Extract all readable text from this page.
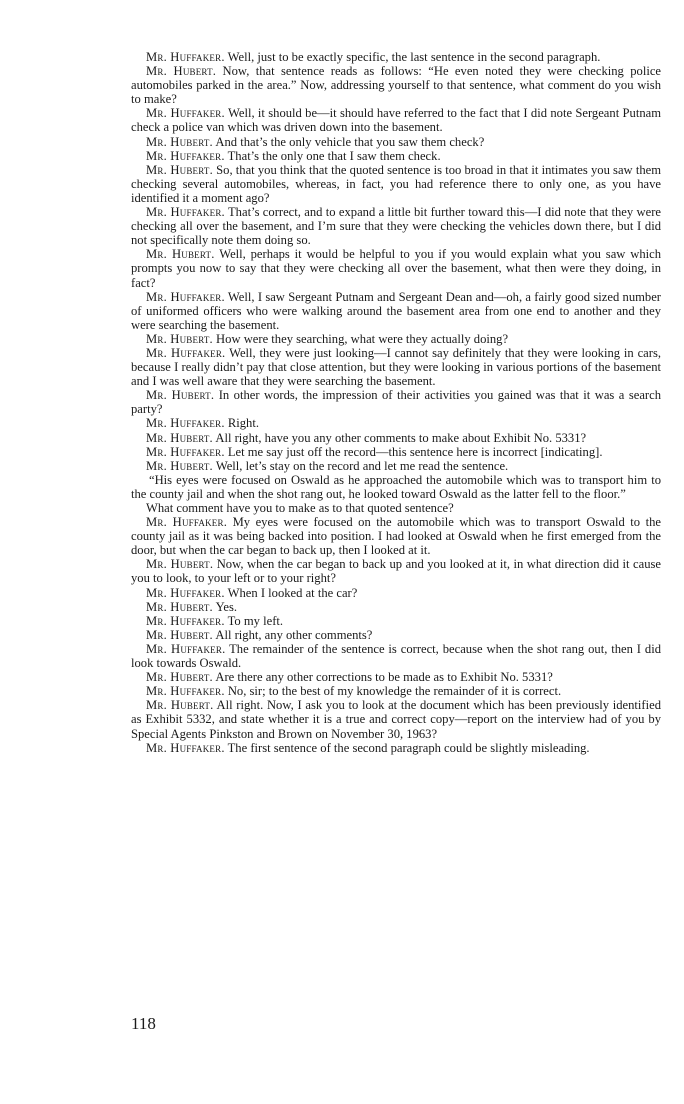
Mr. Huffaker. Well, just to be exactly specific, the last sentence in the second paragraph.

Mr. Hubert. Now, that sentence reads as follows: “He even noted they were checking police automobiles parked in the area.” Now, addressing yourself to that sentence, what comment do you wish to make?

Mr. Huffaker. Well, it should be—it should have referred to the fact that I did note Sergeant Putnam check a police van which was driven down into the basement.

Mr. Hubert. And that’s the only vehicle that you saw them check?

Mr. Huffaker. That’s the only one that I saw them check.

Mr. Hubert. So, that you think that the quoted sentence is too broad in that it intimates you saw them checking several automobiles, whereas, in fact, you had reference there to only one, as you have identified it a moment ago?

Mr. Huffaker. That’s correct, and to expand a little bit further toward this—I did note that they were checking all over the basement, and I’m sure that they were checking the vehicles down there, but I did not specifically note them doing so.

Mr. Hubert. Well, perhaps it would be helpful to you if you would explain what you saw which prompts you now to say that they were checking all over the basement, what then were they doing, in fact?

Mr. Huffaker. Well, I saw Sergeant Putnam and Sergeant Dean and—oh, a fairly good sized number of uniformed officers who were walking around the basement area from one end to another and they were searching the basement.

Mr. Hubert. How were they searching, what were they actually doing?

Mr. Huffaker. Well, they were just looking—I cannot say definitely that they were looking in cars, because I really didn’t pay that close attention, but they were looking in various portions of the basement and I was well aware that they were searching the basement.

Mr. Hubert. In other words, the impression of their activities you gained was that it was a search party?

Mr. Huffaker. Right.

Mr. Hubert. All right, have you any other comments to make about Exhibit No. 5331?

Mr. Huffaker. Let me say just off the record—this sentence here is incorrect [indicating].

Mr. Hubert. Well, let’s stay on the record and let me read the sentence.

“His eyes were focused on Oswald as he approached the automobile which was to transport him to the county jail and when the shot rang out, he looked toward Oswald as the latter fell to the floor.”

What comment have you to make as to that quoted sentence?

Mr. Huffaker. My eyes were focused on the automobile which was to transport Oswald to the county jail as it was being backed into position. I had looked at Oswald when he first emerged from the door, but when the car began to back up, then I looked at it.

Mr. Hubert. Now, when the car began to back up and you looked at it, in what direction did it cause you to look, to your left or to your right?

Mr. Huffaker. When I looked at the car?

Mr. Hubert. Yes.

Mr. Huffaker. To my left.

Mr. Hubert. All right, any other comments?

Mr. Huffaker. The remainder of the sentence is correct, because when the shot rang out, then I did look towards Oswald.

Mr. Hubert. Are there any other corrections to be made as to Exhibit No. 5331?

Mr. Huffaker. No, sir; to the best of my knowledge the remainder of it is correct.

Mr. Hubert. All right. Now, I ask you to look at the document which has been previously identified as Exhibit 5332, and state whether it is a true and correct copy—report on the interview had of you by Special Agents Pinkston and Brown on November 30, 1963?

Mr. Huffaker. The first sentence of the second paragraph could be slightly misleading.

118
